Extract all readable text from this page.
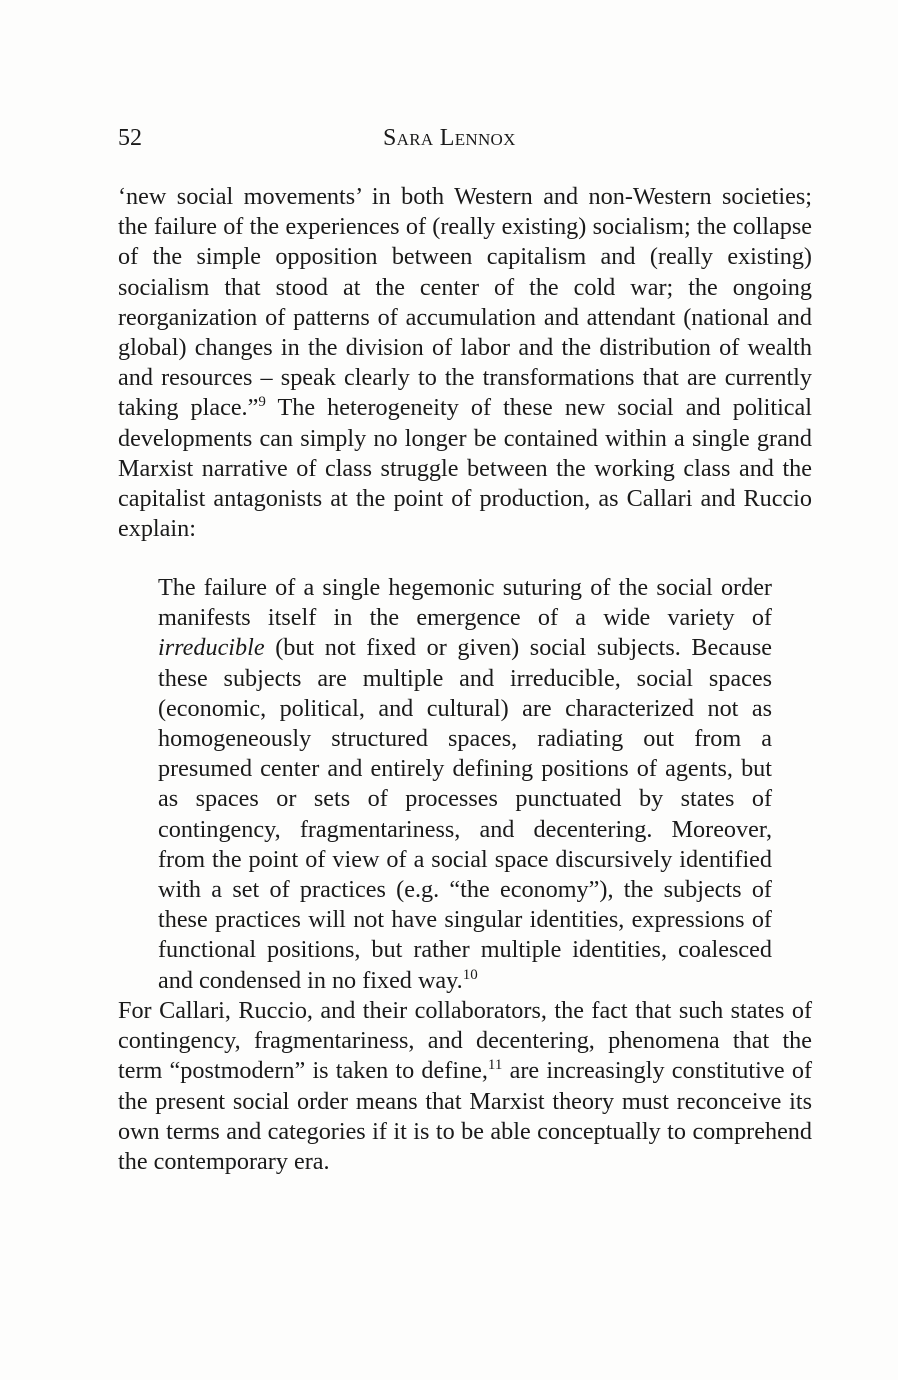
52	Sara Lennox

‘new social movements’ in both Western and non-Western societies; the failure of the experiences of (really existing) socialism; the collapse of the simple opposition between capitalism and (really existing) socialism that stood at the center of the cold war; the ongoing reorganization of patterns of accumulation and attendant (national and global) changes in the division of labor and the distribution of wealth and resources – speak clearly to the transformations that are currently taking place.”$^9$ The heterogeneity of these new social and political developments can simply no longer be contained within a single grand Marxist narrative of class struggle between the working class and the capitalist antagonists at the point of production, as Callari and Ruccio explain:

The failure of a single hegemonic suturing of the social order manifests itself in the emergence of a wide variety of irreducible (but not fixed or given) social subjects. Because these subjects are multiple and irreducible, social spaces (economic, political, and cultural) are characterized not as homogeneously structured spaces, radiating out from a presumed center and entirely defining positions of agents, but as spaces or sets of processes punctuated by states of contingency, fragmentariness, and decentering. Moreover, from the point of view of a social space discursively identified with a set of practices (e.g. “the economy”), the subjects of these practices will not have singular identities, expressions of functional positions, but rather multiple identities, coalesced and condensed in no fixed way.$^{10}$

For Callari, Ruccio, and their collaborators, the fact that such states of contingency, fragmentariness, and decentering, phenomena that the term “postmodern” is taken to define,$^{11}$ are increasingly constitutive of the present social order means that Marxist theory must reconceive its own terms and categories if it is to be able conceptually to comprehend the contemporary era.
